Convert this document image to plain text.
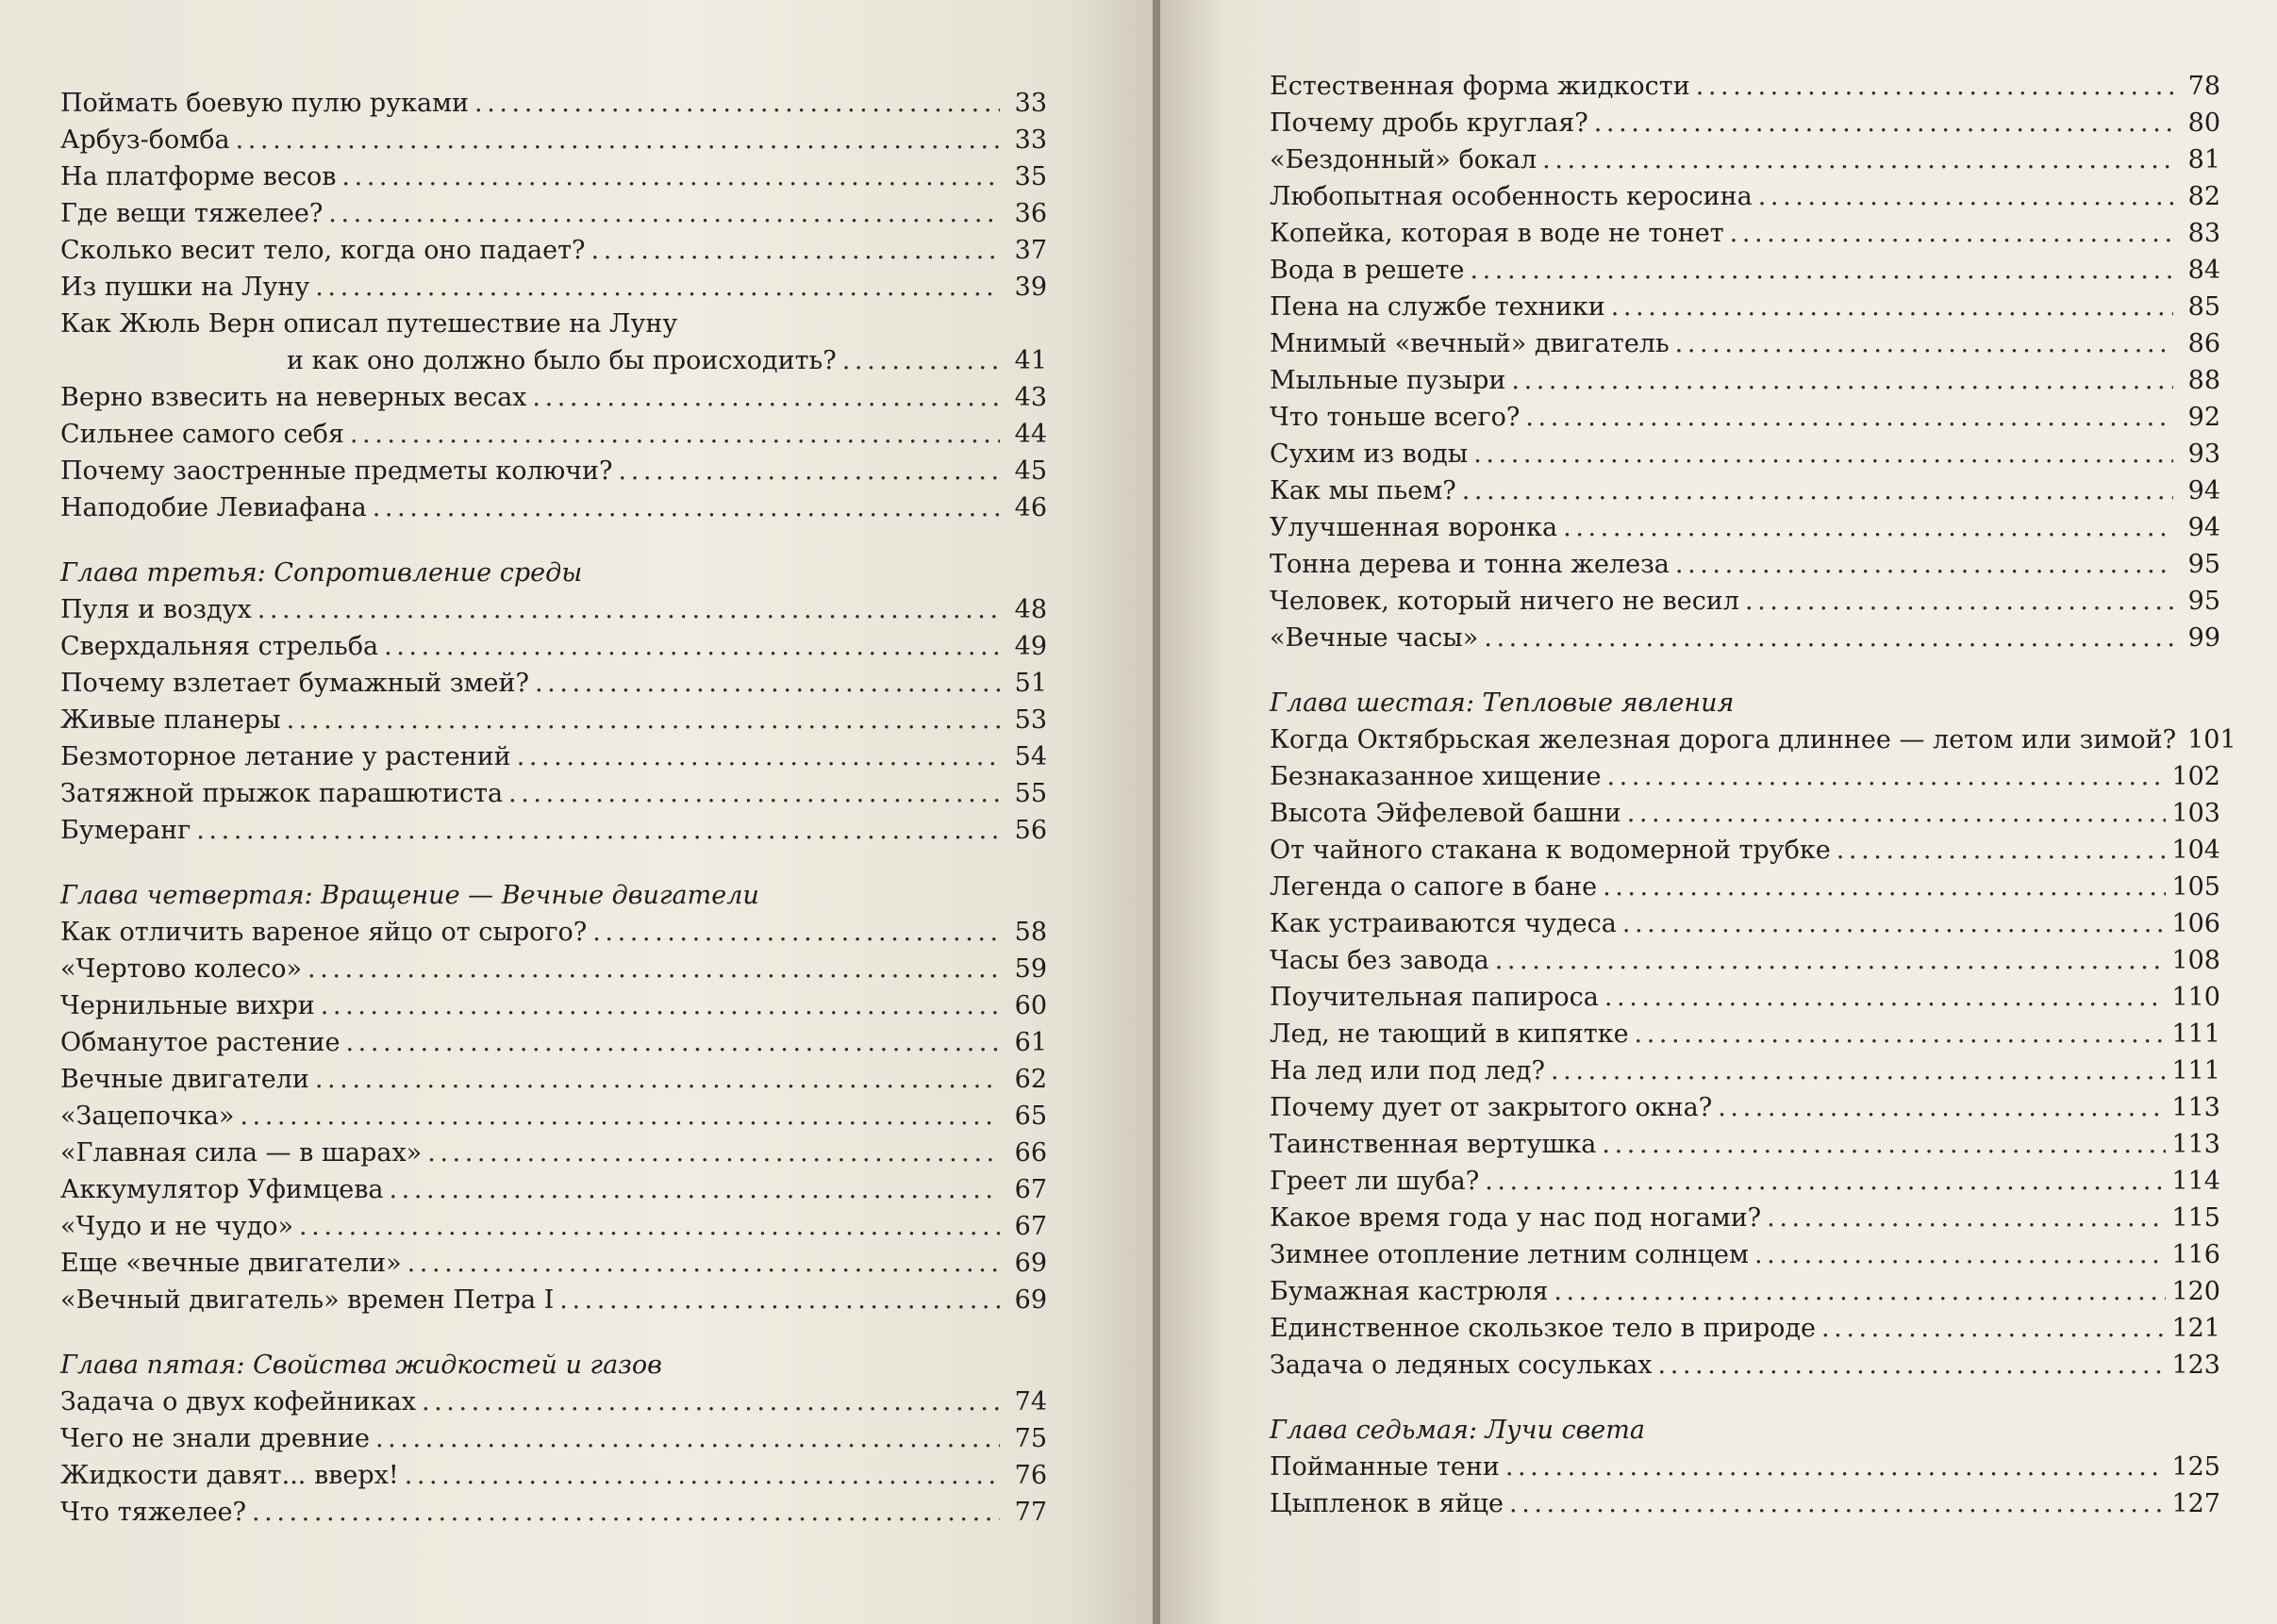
Поймать боевую пулю руками . . .	33
Арбуз-бомба . . .	33
На платформе весов . . .	35
Где вещи тяжелее? . . .	36
Сколько весит тело, когда оно падает? . . .	37
Из пушки на Луну . . .	39
Как Жюль Верн описал путешествие на Луну
и как оно должно было бы происходить? . . .	41
Верно взвесить на неверных весах . . .	43
Сильнее самого себя . . .	44
Почему заостренные предметы колючи? . . .	45
Наподобие Левиафана . . .	46
Глава третья: Сопротивление среды
Пуля и воздух . . .	48
Сверхдальняя стрельба . . .	49
Почему взлетает бумажный змей? . . .	51
Живые планеры . . .	53
Безмоторное летание у растений . . .	54
Затяжной прыжок парашютиста . . .	55
Бумеранг . . .	56
Глава четвертая: Вращение — Вечные двигатели
Как отличить вареное яйцо от сырого? . . .	58
«Чертово колесо» . . .	59
Чернильные вихри . . .	60
Обманутое растение . . .	61
Вечные двигатели . . .	62
«Зацепочка» . . .	65
«Главная сила — в шарах» . . .	66
Аккумулятор Уфимцева . . .	67
«Чудо и не чудо» . . .	67
Еще «вечные двигатели» . . .	69
«Вечный двигатель» времен Петра I . . .	69
Глава пятая: Свойства жидкостей и газов
Задача о двух кофейниках . . .	74
Чего не знали древние . . .	75
Жидкости давят... вверх! . . .	76
Что тяжелее? . . .	77
Естественная форма жидкости . . .	78
Почему дробь круглая? . . .	80
«Бездонный» бокал . . .	81
Любопытная особенность керосина . . .	82
Копейка, которая в воде не тонет . . .	83
Вода в решете . . .	84
Пена на службе техники . . .	85
Мнимый «вечный» двигатель . . .	86
Мыльные пузыри . . .	88
Что тоньше всего? . . .	92
Сухим из воды . . .	93
Как мы пьем? . . .	94
Улучшенная воронка . . .	94
Тонна дерева и тонна железа . . .	95
Человек, который ничего не весил . . .	95
«Вечные часы» . . .	99
Глава шестая: Тепловые явления
Когда Октябрьская железная дорога длиннее — летом или зимой? 101
Безнаказанное хищение . . .	102
Высота Эйфелевой башни . . .	103
От чайного стакана к водомерной трубке . . .	104
Легенда о сапоге в бане . . .	105
Как устраиваются чудеса . . .	106
Часы без завода . . .	108
Поучительная папироса . . .	110
Лед, не тающий в кипятке . . .	111
На лед или под лед? . . .	111
Почему дует от закрытого окна? . . .	113
Таинственная вертушка . . .	113
Греет ли шуба? . . .	114
Какое время года у нас под ногами? . . .	115
Зимнее отопление летним солнцем . . .	116
Бумажная кастрюля . . .	120
Единственное скользкое тело в природе . . .	121
Задача о ледяных сосульках . . .	123
Глава седьмая: Лучи света
Пойманные тени . . .	125
Цыпленок в яйце . . .	127
